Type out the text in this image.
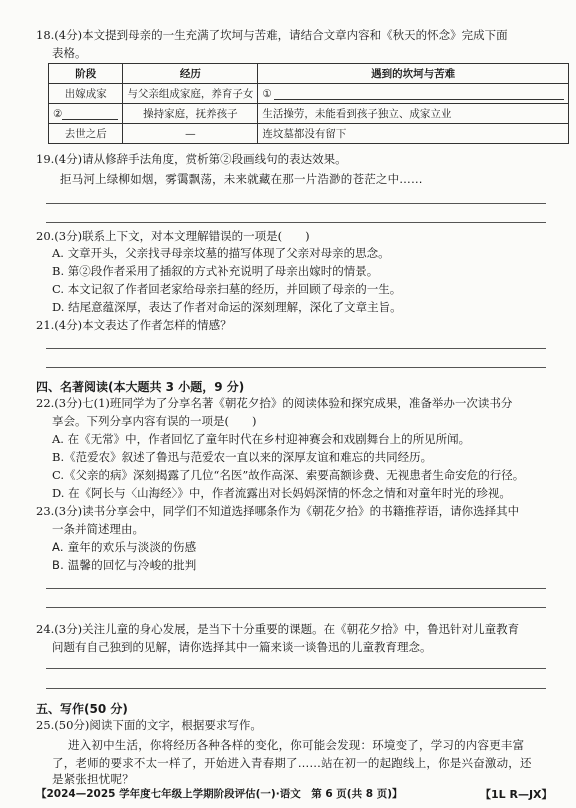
18.(4分)本文提到母亲的一生充满了坎坷与苦难，请结合文章内容和《秋天的怀念》完成下面
表格。
阶段	经历	遇到的坎坷与苦难
出嫁成家	与父亲组成家庭，养育子女	①
②	操持家庭，抚养孩子	生活操劳，未能看到孩子独立、成家立业
去世之后	—	连坟墓都没有留下
19.(4分)请从修辞手法角度，赏析第②段画线句的表达效果。
拒马河上绿柳如烟，雾霭飘荡，未来就藏在那一片浩渺的苍茫之中……
20.(3分)联系上下文，对本文理解错误的一项是(　　)
A. 文章开头，父亲找寻母亲坟墓的描写体现了父亲对母亲的思念。
B. 第②段作者采用了插叙的方式补充说明了母亲出嫁时的情景。
C. 本文记叙了作者回老家给母亲扫墓的经历，并回顾了母亲的一生。
D. 结尾意蕴深厚，表达了作者对命运的深刻理解，深化了文章主旨。
21.(4分)本文表达了作者怎样的情感？
四、名著阅读(本大题共 3 小题，9 分)
22.(3分)七(1)班同学为了分享名著《朝花夕拾》的阅读体验和探究成果，准备举办一次读书分
享会。下列分享内容有误的一项是(　　)
A. 在《无常》中，作者回忆了童年时代在乡村迎神赛会和戏剧舞台上的所见所闻。
B.《范爱农》叙述了鲁迅与范爱农一直以来的深厚友谊和难忘的共同经历。
C.《父亲的病》深刻揭露了几位“名医”故作高深、索要高额诊费、无视患者生命安危的行径。
D. 在《阿长与〈山海经〉》中，作者流露出对长妈妈深情的怀念之情和对童年时光的珍视。
23.(3分)读书分享会中，同学们不知道选择哪条作为《朝花夕拾》的书籍推荐语，请你选择其中
一条并简述理由。
A. 童年的欢乐与淡淡的伤感
B. 温馨的回忆与冷峻的批判
24.(3分)关注儿童的身心发展，是当下十分重要的课题。在《朝花夕拾》中，鲁迅针对儿童教育
问题有自己独到的见解，请你选择其中一篇来谈一谈鲁迅的儿童教育理念。
五、写作(50 分)
25.(50分)阅读下面的文字，根据要求写作。
进入初中生活，你将经历各种各样的变化，你可能会发现：环境变了，学习的内容更丰富
了，老师的要求不太一样了，开始进入青春期了……站在初一的起跑线上，你是兴奋激动，还
是紧张担忧呢？
【2024—2025 学年度七年级上学期阶段评估(一)·语文　第 6 页(共 8 页)】	【1L R—JX】
